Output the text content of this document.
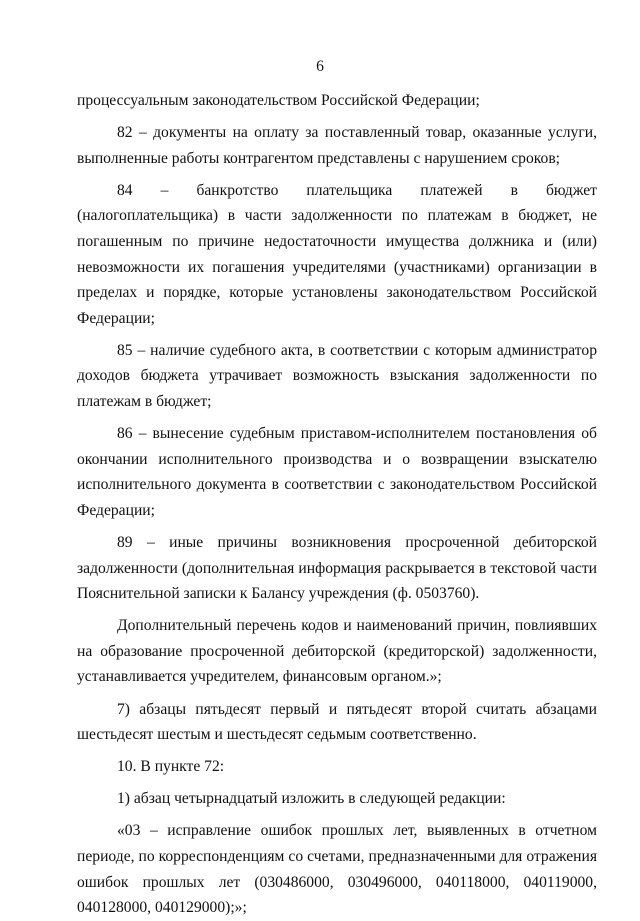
6

процессуальным законодательством Российской Федерации;

82 – документы на оплату за поставленный товар, оказанные услуги, выполненные работы контрагентом представлены с нарушением сроков;

84 – банкротство плательщика платежей в бюджет (налогоплательщика) в части задолженности по платежам в бюджет, не погашенным по причине недостаточности имущества должника и (или) невозможности их погашения учредителями (участниками) организации в пределах и порядке, которые установлены законодательством Российской Федерации;

85 – наличие судебного акта, в соответствии с которым администратор доходов бюджета утрачивает возможность взыскания задолженности по платежам в бюджет;

86 – вынесение судебным приставом-исполнителем постановления об окончании исполнительного производства и о возвращении взыскателю исполнительного документа в соответствии с законодательством Российской Федерации;

89 – иные причины возникновения просроченной дебиторской задолженности (дополнительная информация раскрывается в текстовой части Пояснительной записки к Балансу учреждения (ф. 0503760).

Дополнительный перечень кодов и наименований причин, повлиявших на образование просроченной дебиторской (кредиторской) задолженности, устанавливается учредителем, финансовым органом.»;

7) абзацы пятьдесят первый и пятьдесят второй считать абзацами шестьдесят шестым и шестьдесят седьмым соответственно.

10. В пункте 72:

1) абзац четырнадцатый изложить в следующей редакции:

«03 – исправление ошибок прошлых лет, выявленных в отчетном периоде, по корреспонденциям со счетами, предназначенными для отражения ошибок прошлых лет (030486000, 030496000, 040118000, 040119000, 040128000, 040129000);»;
